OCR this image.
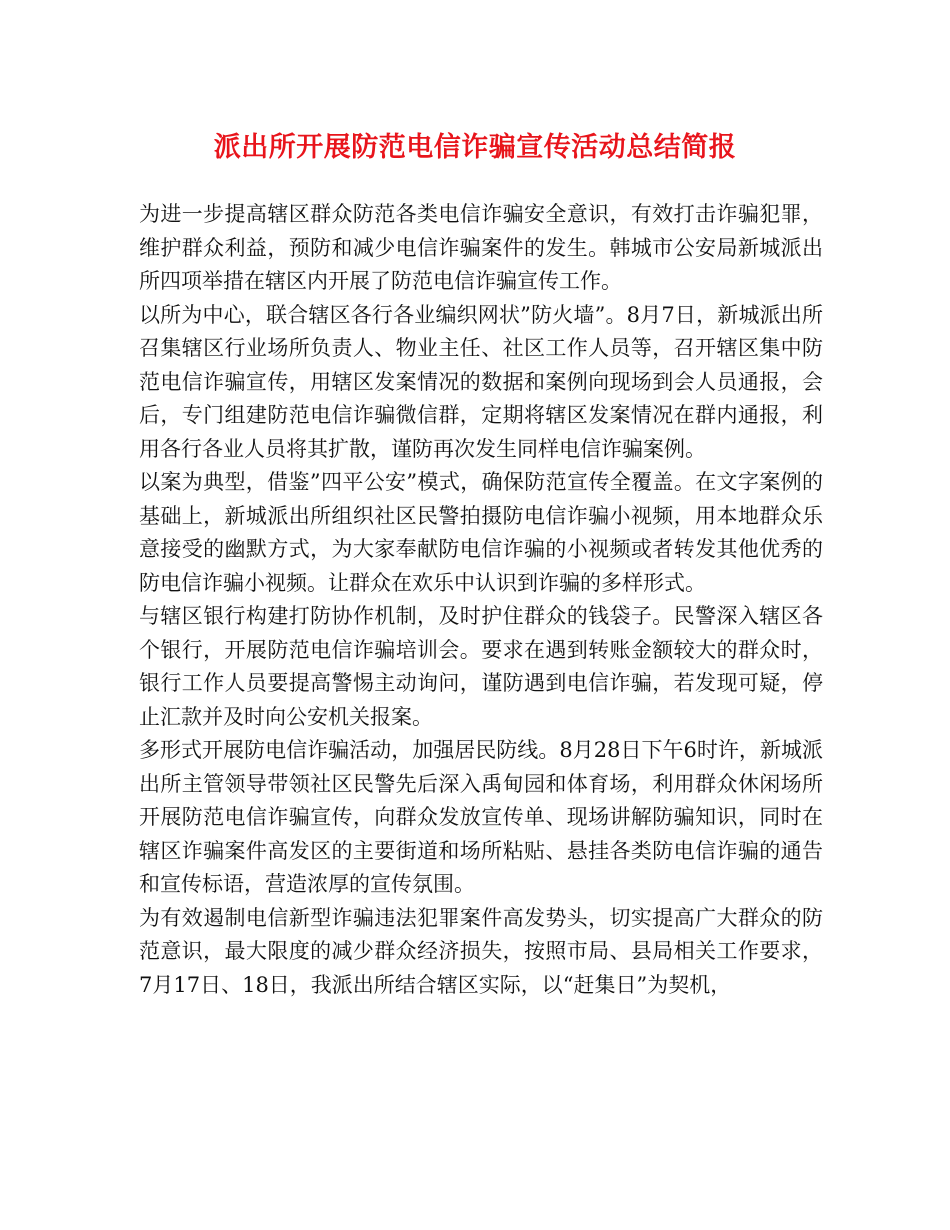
派出所开展防范电信诈骗宣传活动总结简报

为进一步提高辖区群众防范各类电信诈骗安全意识，有效打击诈骗犯罪，维护群众利益，预防和减少电信诈骗案件的发生。韩城市公安局新城派出所四项举措在辖区内开展了防范电信诈骗宣传工作。

以所为中心，联合辖区各行各业编织网状”防火墙”。8月7日，新城派出所召集辖区行业场所负责人、物业主任、社区工作人员等，召开辖区集中防范电信诈骗宣传，用辖区发案情况的数据和案例向现场到会人员通报，会后，专门组建防范电信诈骗微信群，定期将辖区发案情况在群内通报，利用各行各业人员将其扩散，谨防再次发生同样电信诈骗案例。

以案为典型，借鉴”四平公安”模式，确保防范宣传全覆盖。在文字案例的基础上，新城派出所组织社区民警拍摄防电信诈骗小视频，用本地群众乐意接受的幽默方式，为大家奉献防电信诈骗的小视频或者转发其他优秀的防电信诈骗小视频。让群众在欢乐中认识到诈骗的多样形式。

与辖区银行构建打防协作机制，及时护住群众的钱袋子。民警深入辖区各个银行，开展防范电信诈骗培训会。要求在遇到转账金额较大的群众时，银行工作人员要提高警惕主动询问，谨防遇到电信诈骗，若发现可疑，停止汇款并及时向公安机关报案。

多形式开展防电信诈骗活动，加强居民防线。8月28日下午6时许，新城派出所主管领导带领社区民警先后深入禹甸园和体育场，利用群众休闲场所开展防范电信诈骗宣传，向群众发放宣传单、现场讲解防骗知识，同时在辖区诈骗案件高发区的主要街道和场所粘贴、悬挂各类防电信诈骗的通告和宣传标语，营造浓厚的宣传氛围。

为有效遏制电信新型诈骗违法犯罪案件高发势头，切实提高广大群众的防范意识，最大限度的减少群众经济损失，按照市局、县局相关工作要求，7月17日、18日，我派出所结合辖区实际，以“赶集日”为契机，
